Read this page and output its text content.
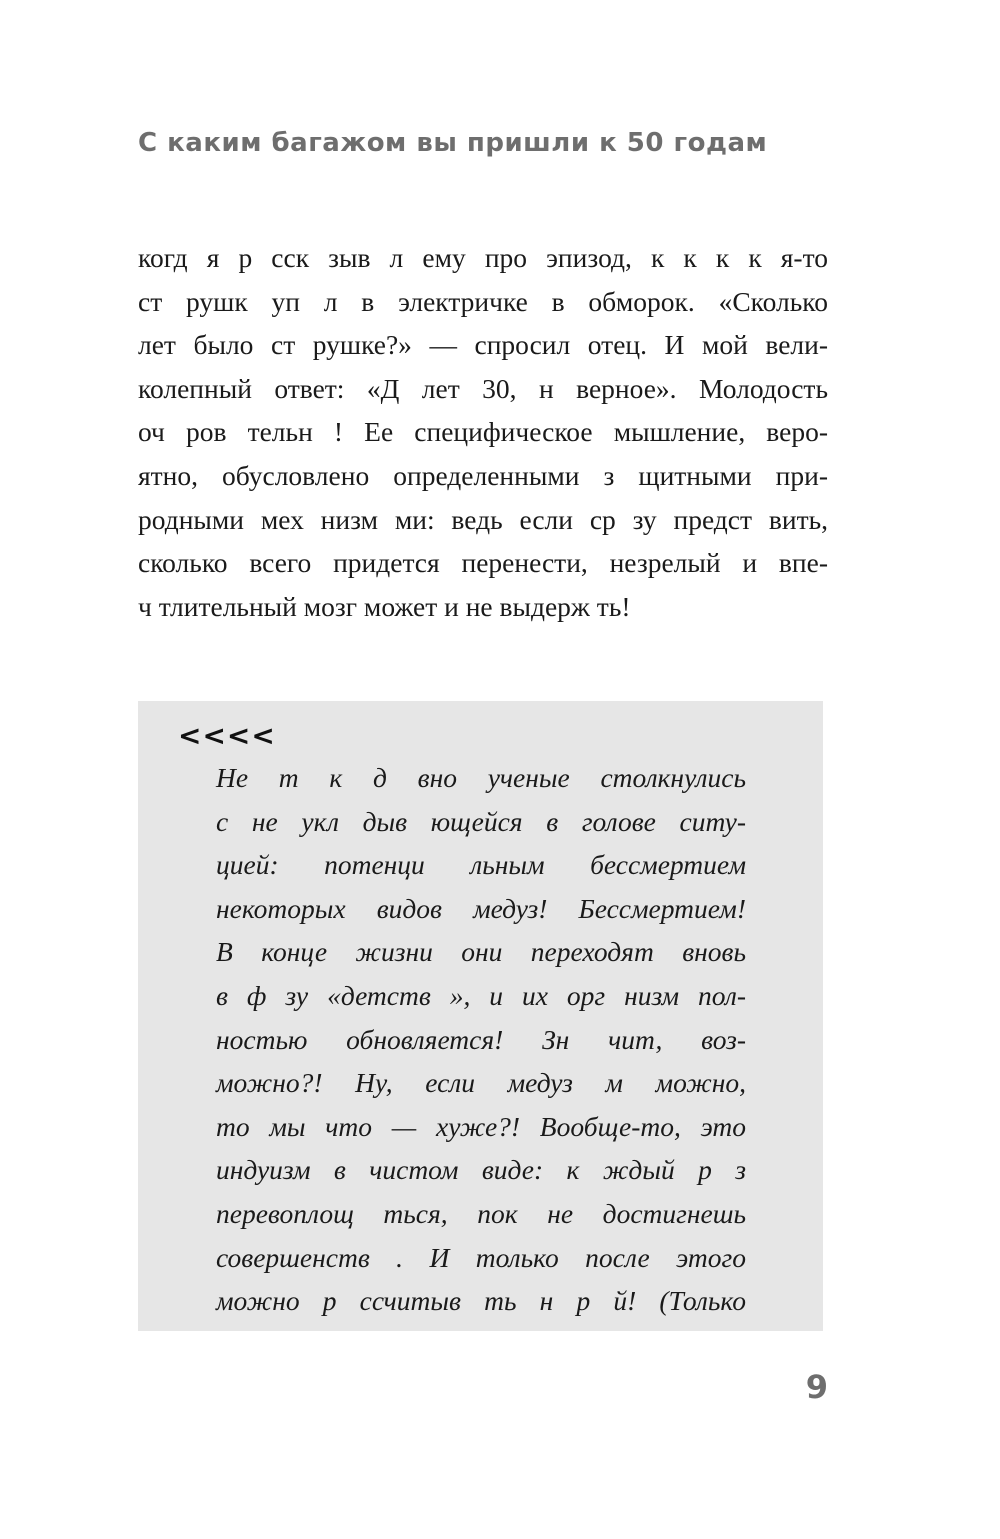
С каким багажом вы пришли к 50 годам
когд я р сск зыв л ему про эпизод, к к к к я-то
ст рушк уп л в электричке в обморок. «Сколько
лет было ст рушке?» — спросил отец. И мой вели-
колепный ответ: «Д лет 30, н верное». Молодость
оч ров тельн ! Ее специфическое мышление, веро-
ятно, обусловлено определенными з щитными при-
родными мех низм ми: ведь если ср зу предст вить,
сколько всего придется перенести, незрелый и впе-
ч тлительный мозг может и не выдерж ть!
<<<<
Не т к д вно ученые столкнулись
с не укл дыв ющейся в голове ситу-
цией: потенци льным бессмертием
некоторых видов медуз! Бессмертием!
В конце жизни они переходят вновь
в ф зу «детств », и их орг низм пол-
ностью обновляется! Зн чит, воз-
можно?! Ну, если медуз м можно,
то мы что — хуже?! Вообще-то, это
индуизм в чистом виде: к ждый р з
перевоплощ ться, пок не достигнешь
совершенств . И только после этого
можно р ссчитыв ть н р й! (Только
9
